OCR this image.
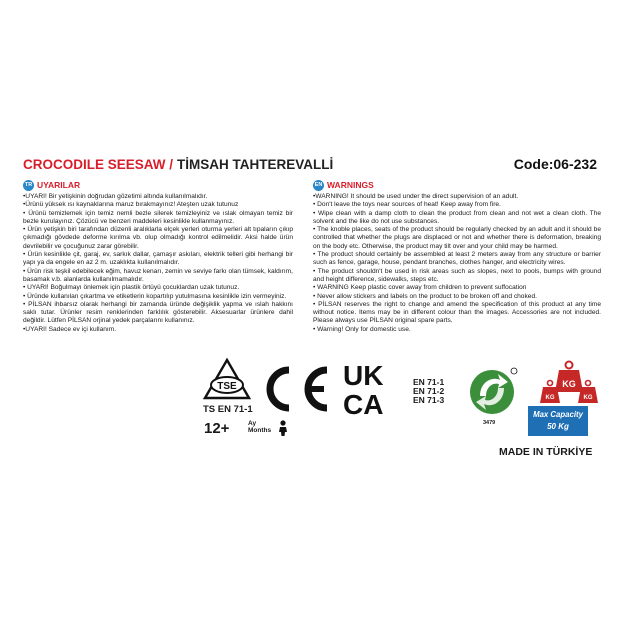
CROCODILE SEESAW / TİMSAH TAHTEREVALLİ	Code:06-232
TR UYARILAR

•UYARI! Bir yetişkinin doğrudan gözetimi altında kullanılmalıdır.

•Ürünü yüksek ısı kaynaklarına maruz bırakmayınız! Ateşten uzak tutunuz

• Ürünü temizlemek için temiz nemli bezle silerek temizleyiniz ve ıslak olmayan temiz bir bezle kurulayınız. Çözücü ve benzeri maddeleri kesinlikle kullanmayınız.

• Ürün yetişkin biri tarafından düzenli aralıklarla elçek yerleri oturma yerleri alt tıpaların çıkıp çıkmadığı gövdede deforme kırılma vb. olup olmadığı kontrol edilmelidir. Aksi halde ürün devrilebilir ve çocuğunuz zarar görebilir.

• Ürün kesinlikle çit, garaj, ev, sarkık dallar, çamaşır askıları, elektrik telleri gibi herhangi bir yapı ya da engele en az 2 m. uzaklıkta kullanılmalıdır.

• Ürün risk teşkil edebilecek eğim, havuz kenarı, zemin ve seviye farkı olan tümsek, kaldırım, basamak v.b. alanlarda kullanılmamalıdır.

• UYARI! Boğulmayı önlemek için plastik örtüyü çocuklardan uzak tutunuz.

• Üründe kullanılan çıkartma ve etiketlerin kopartılıp yutulmasına kesinlikle izin vermeyiniz.

• PİLSAN ihbarsız olarak herhangi bir zamanda üründe değişiklik yapma ve ıslah hakkını saklı tutar. Ürünler resim renklerinden farklılık gösterebilir. Aksesuarlar ürünlere dahil değildir. Lütfen PİLSAN orjinal yedek parçalarını kullanınız.

•UYARI! Sadece ev içi kullanım.

EN WARNINGS

•WARNING! It should be used under the direct supervision of an adult.

• Don't leave the toys near sources of heat! Keep away from fire.

• Wipe clean with a damp cloth to clean the product from clean and not wet a clean cloth. The solvent and the like do not use substances.

• The knoble places, seats of the product should be regularly checked by an adult and it should be controlled that whether the plugs are displaced or not and whether there is deformation, breaking on the body etc. Otherwise, the product may tilt over and your child may be harmed.

• The product should certainly be assembled at least 2 meters away from any structure or barrier such as fence, garage, house, pendant branches, clothes hanger, and electricity wires.

• The product shouldn't be used in risk areas such as slopes, next to pools, bumps with ground and height difference, sidewalks, steps etc.

• WARNING Keep plastic cover away from children to prevent suffocation

• Never allow stickers and labels on the product to be broken off and choked.

• PİLSAN reserves the right to change and amend the specification of this product at any time without notice. Items may be in different colour than the images. Accessories are not included. Please always use PİLSAN original spare parts.

• Warning! Only for domestic use.

TSE
TS EN 71-1
12+	Ay
Months
UK
CA
EN 71-1
EN 71-2
EN 71-3
3479
KG
KG	KG
Max Capacity
50 Kg
MADE IN TÜRKİYE
